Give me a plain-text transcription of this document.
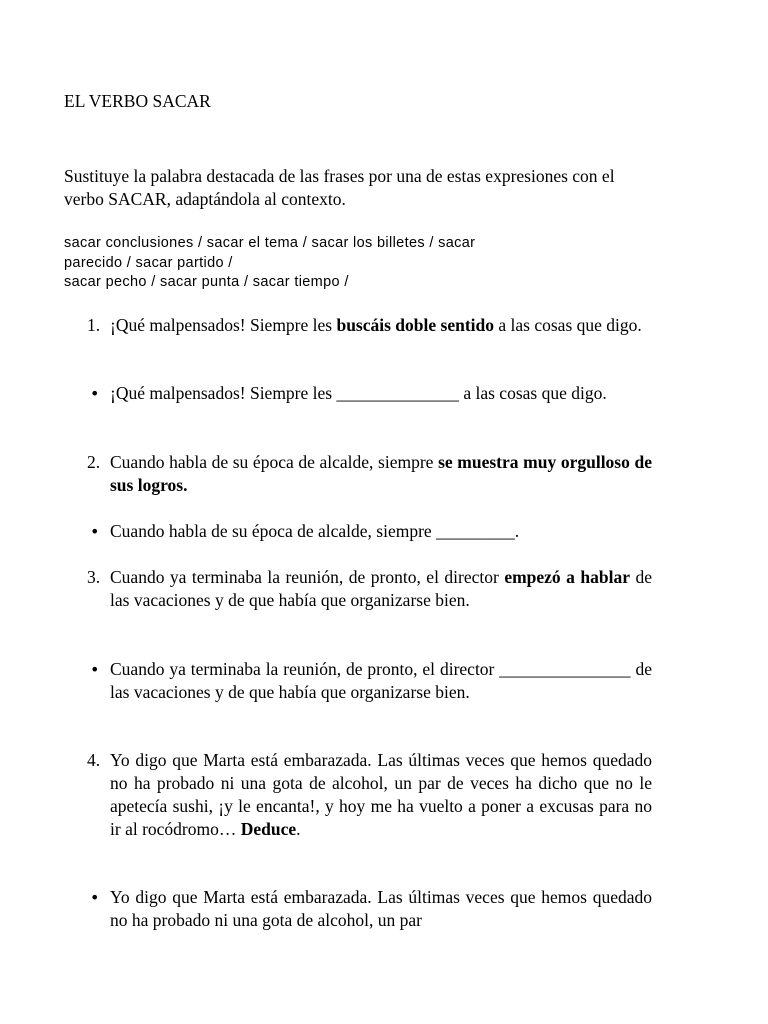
EL VERBO SACAR

Sustituye la palabra destacada de las frases por una de estas expresiones con el verbo SACAR, adaptándola al contexto.

sacar conclusiones / sacar el tema / sacar los billetes / sacar
parecido / sacar partido /
sacar pecho / sacar punta / sacar tiempo /

1. ¡Qué malpensados! Siempre les buscáis doble sentido a las cosas que digo.

• ¡Qué malpensados! Siempre les ______________ a las cosas que digo.

2. Cuando habla de su época de alcalde, siempre se muestra muy orgulloso de sus logros.

• Cuando habla de su época de alcalde, siempre _________.

3. Cuando ya terminaba la reunión, de pronto, el director empezó a hablar de las vacaciones y de que había que organizarse bien.

• Cuando ya terminaba la reunión, de pronto, el director _______________ de las vacaciones y de que había que organizarse bien.

4. Yo digo que Marta está embarazada. Las últimas veces que hemos quedado no ha probado ni una gota de alcohol, un par de veces ha dicho que no le apetecía sushi, ¡y le encanta!, y hoy me ha vuelto a poner a excusas para no ir al rocódromo… Deduce.

• Yo digo que Marta está embarazada. Las últimas veces que hemos quedado no ha probado ni una gota de alcohol, un par
